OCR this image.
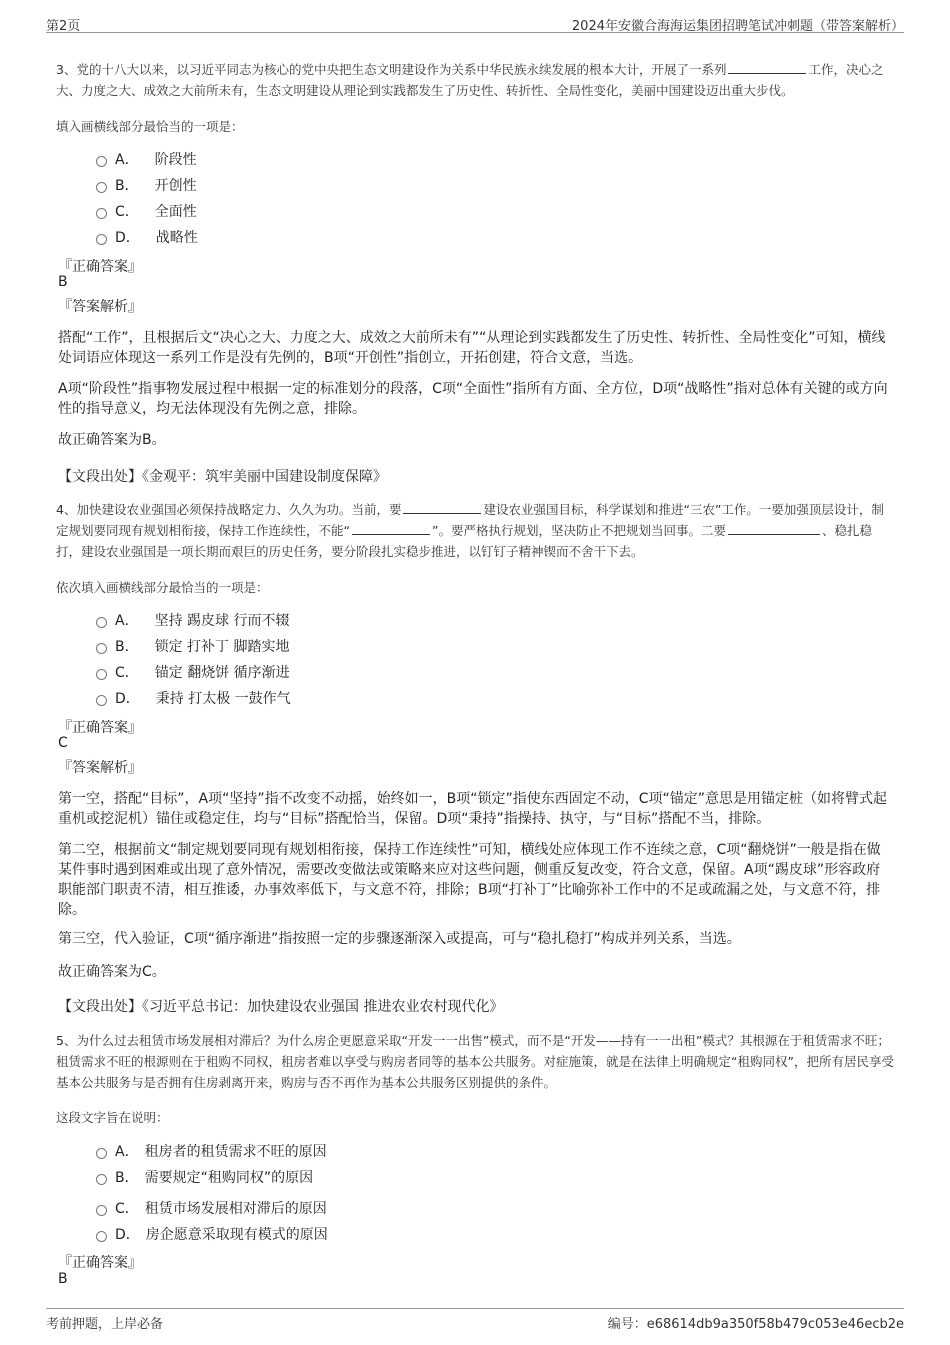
第2页	2024年安徽合海海运集团招聘笔试冲刺题（带答案解析）
3、党的十八大以来，以习近平同志为核心的党中央把生态文明建设作为关系中华民族永续发展的根本大计，开展了一系列	工作，决心之大、力度之大、成效之大前所未有，生态文明建设从理论到实践都发生了历史性、转折性、全局性变化，美丽中国建设迈出重大步伐。
填入画横线部分最恰当的一项是：
A． 阶段性
B． 开创性
C． 全面性
D． 战略性
『正确答案』
B
『答案解析』
搭配“工作”，且根据后文“决心之大、力度之大、成效之大前所未有”“从理论到实践都发生了历史性、转折性、全局性变化”可知，横线处词语应体现这一系列工作是没有先例的，B项“开创性”指创立，开拓创建，符合文意，当选。
A项“阶段性”指事物发展过程中根据一定的标准划分的段落，C项“全面性”指所有方面、全方位，D项“战略性”指对总体有关键的或方向性的指导意义，均无法体现没有先例之意，排除。
故正确答案为B。
【文段出处】《金观平：筑牢美丽中国建设制度保障》
4、加快建设农业强国必须保持战略定力、久久为功。当前，要	建设农业强国目标，科学谋划和推进“三农”工作。一要加强顶层设计，制定规划要同现有规划相衔接，保持工作连续性，不能“	”。要严格执行规划，坚决防止不把规划当回事。二要	、稳扎稳打，建设农业强国是一项长期而艰巨的历史任务，要分阶段扎实稳步推进，以钉钉子精神锲而不舍干下去。
依次填入画横线部分最恰当的一项是：
A． 坚持 踢皮球 行而不辍
B． 锁定 打补丁 脚踏实地
C． 锚定 翻烧饼 循序渐进
D． 秉持 打太极 一鼓作气
『正确答案』
C
『答案解析』
第一空，搭配“目标”，A项“坚持”指不改变不动摇，始终如一，B项“锁定”指使东西固定不动，C项“锚定”意思是用锚定桩（如将臂式起重机或挖泥机）锚住或稳定住，均与“目标”搭配恰当，保留。D项“秉持”指操持、执守，与“目标”搭配不当，排除。
第二空，根据前文“制定规划要同现有规划相衔接，保持工作连续性”可知，横线处应体现工作不连续之意，C项“翻烧饼”一般是指在做某件事时遇到困难或出现了意外情况，需要改变做法或策略来应对这些问题，侧重反复改变，符合文意，保留。A项“踢皮球”形容政府职能部门职责不清，相互推诿，办事效率低下，与文意不符，排除；B项“打补丁”比喻弥补工作中的不足或疏漏之处，与文意不符，排除。
第三空，代入验证，C项“循序渐进”指按照一定的步骤逐渐深入或提高，可与“稳扎稳打”构成并列关系，当选。
故正确答案为C。
【文段出处】《习近平总书记：加快建设农业强国 推进农业农村现代化》
5、为什么过去租赁市场发展相对滞后？为什么房企更愿意采取“开发一一出售”模式，而不是“开发——持有一一出租”模式？其根源在于租赁需求不旺；租赁需求不旺的根源则在于租购不同权，租房者难以享受与购房者同等的基本公共服务。对症施策，就是在法律上明确规定“租购同权”，把所有居民享受基本公共服务与是否拥有住房剥离开来，购房与否不再作为基本公共服务区别提供的条件。
这段文字旨在说明：
A． 租房者的租赁需求不旺的原因
B． 需要规定“租购同权”的原因
C． 租赁市场发展相对滞后的原因
D． 房企愿意采取现有模式的原因
『正确答案』
B
考前押题，上岸必备	编号：e68614db9a350f58b479c053e46ecb2e
